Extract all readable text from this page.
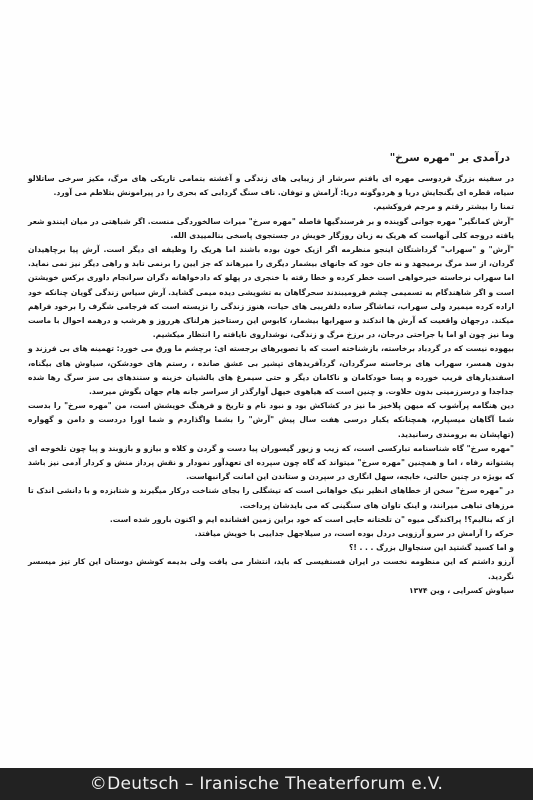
درآمدی بر "مهره سرخ"

در سفینه بزرگ فردوسی مهره ای یافتم سرشار از زیبایی های زندگی و آغشته بتمامی تاریکی های مرگ، مکیز سرخی ساتلالو سیاه، قطره ای بگنجایش دریا و هردوگونه دریا: آرامش و توفان. ناف سنگ گردابی که بحری را در پیرامونش بتلاطم می آورد.

تمنا را بیشتر رقتم و مرجم فروکشیم.

"آرش کمانگیر" مهره جوانی گوینده و بر فرسندگیها فاصله "مهره سرخ" میراث سالخوردگی منست. اگر شباهتی در میان اینندو شعر یافته دروجه کلی آنهاست که هریک به زبان روزگار خویش در جستجوی پاسخی بنالمییدی الله.

"آرش" و "سهراب" گرداشتگان اینجو منظرمه اگر ازیک خون بوده باشند اما هریک را وظیفه ای دیگر است. آرش پیا برچاهیدان گردان، از سد مرگ برمیجهد و نه جان خود که جانهای بیشمار دیگری را میرهاند که جز ایین را برنمی تابد و راهی دیگر نیز نمی نماید. اما سهراب نرخاسته خیرخواهی است خطر کرده و خطا رفته با خنجری در پهلو که دادخواهانه دگران سرانجام داوری برکس خویشتن است و اگر شاهندگام به تسمیمی چشم فرومیبندند سحرگاهان به تشویشی دیده میمی گشاید. آرش سیاس زندگی گویان چنانکه خود اراده کرده میمیرد ولی سهراب، تماشاگر ساده دلفریبی های حیات، هنوز زندگی را نزیسته است که فرجامی شگرف را برخود فراهم میکند. درجهان واقعیت که آرش ها اندکند و سهرابها بیشمار، کابوس این رستاخیز هرلناک هرروز و هرشب و درهمه احوال با ماست وما نیز چون او اما یا جراحتی درجان، در برزخ مرگ و زندگی، نوشداروی نایافته را انتظار میکشیم.

بیهوده نیست که در گردباد برخاسته، بازشناخته است که با تصویرهای برجسته ای: برچشم ما ورق می خورد: تهمینه های بی فرزند و بدون همسر، سهراب های برخاسته سرگردان، گردآفریدهای تپشیر بی عشق صانده ، رستم های خودشکن، سیاوش های بیگناه، اسفندیارهای فریب خورده و پسا خودکامان و ناکامان دیگر و حتی سیمرغ های بالشیان خزینه و سنندهای بی سز سرگ رها شده جداجدا و درسرزمینی بدون حلاوت. و چنین است که هیاهوی خیهل آوارگذر از سراسر جانه هام جهان بگوش میرسد.

دین هنگامه پرآشوب که میهن پلاخیز ما نیز در کشاکش بود و نبود نام و تاریخ و فرهنگ خویشش است، من "مهره سرخ" را بدست شما آگاهان میسپارم، همچنانکه یکبار درسی هفت سال پیش "آرش" را بشما واگذاردم و شما اورا دردست و دامن و گهواره (تهاپشان به برومندی رسانیدید.

"مهره سرخ" گاه شناسنامه تبارکسی است، که زیب و زیور گیسوران پیا دست و گردن و کلاه و بیازو و بازوبند و پیا چون تلخوجه ای پشتوانه رفاه ، اما و همچنین "مهره سرخ" میتواند که گاه چون سپرده ای تعهدآور نمودار و نقش پرداز منش و کردار آدمی نیز باشد که بویژه در چنین حالتی، خابجه، سهل انگاری در سپردن و ستاندن این امانت گرانبهاست.

در "مهره سرخ" سخن از خطاهای انظیر نیک خواهانی است که تیشگلی را بجای شناخت درکار میگیرند و شتابزده و با دانشی اندک تا مرزهای تباهی میرانند، و اینک تاوان های سنگینی که می بایدشان پرداخت.

از که بنالیم؟! پراکندگی میوه "ن تلختانه حایی است که خود براین زمین افشانده ایم و اکنون بارور شده است.

حرکه را آرامش در سرو آرزویی دردل بوده است، در سیلاجهل جداییی با خویش میافتد.

و اما کسید گشتید این سنجاوال بزرگ . . . !؟

آرزو داشتم که این منظومه نخست در ایران فسنفیسی که باید، انتشار می یافت ولی بدیمه کوشش دوستان این کار تیز میسسر نگردید.

سیاوش کسرایی ، وین ۱۳۷۴

©Deutsch – Iranische Theaterforum e.V.
